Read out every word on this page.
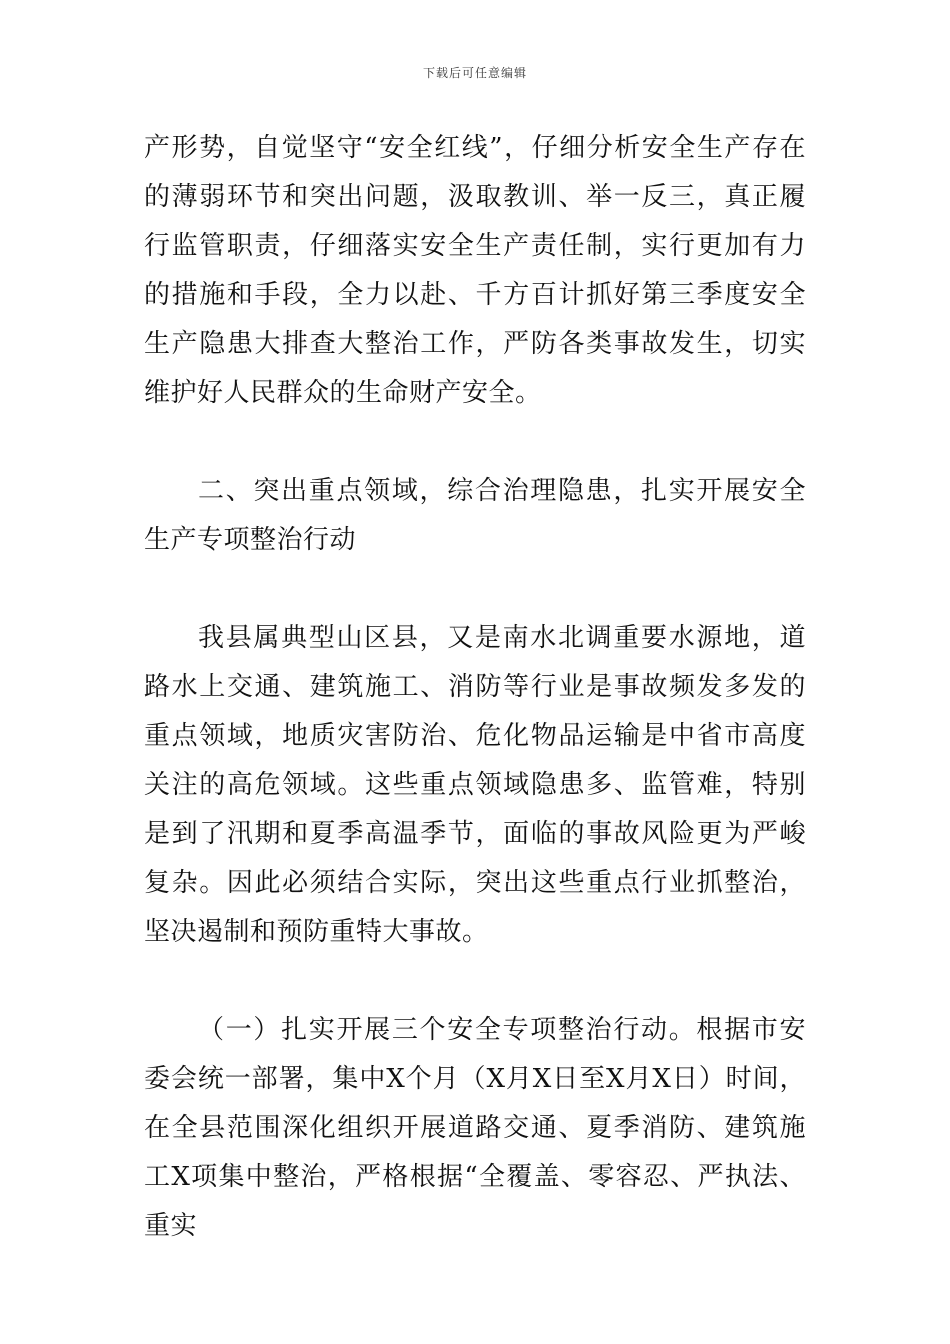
下载后可任意编辑

产形势，自觉坚守“安全红线”，仔细分析安全生产存在的薄弱环节和突出问题，汲取教训、举一反三，真正履行监管职责，仔细落实安全生产责任制，实行更加有力的措施和手段，全力以赴、千方百计抓好第三季度安全生产隐患大排查大整治工作，严防各类事故发生，切实维护好人民群众的生命财产安全。

二、突出重点领域，综合治理隐患，扎实开展安全生产专项整治行动

我县属典型山区县，又是南水北调重要水源地，道路水上交通、建筑施工、消防等行业是事故频发多发的重点领域，地质灾害防治、危化物品运输是中省市高度关注的高危领域。这些重点领域隐患多、监管难，特别是到了汛期和夏季高温季节，面临的事故风险更为严峻复杂。因此必须结合实际，突出这些重点行业抓整治，坚决遏制和预防重特大事故。

（一）扎实开展三个安全专项整治行动。根据市安委会统一部署，集中X个月（X月X日至X月X日）时间，在全县范围深化组织开展道路交通、夏季消防、建筑施工X项集中整治，严格根据“全覆盖、零容忍、严执法、重实
